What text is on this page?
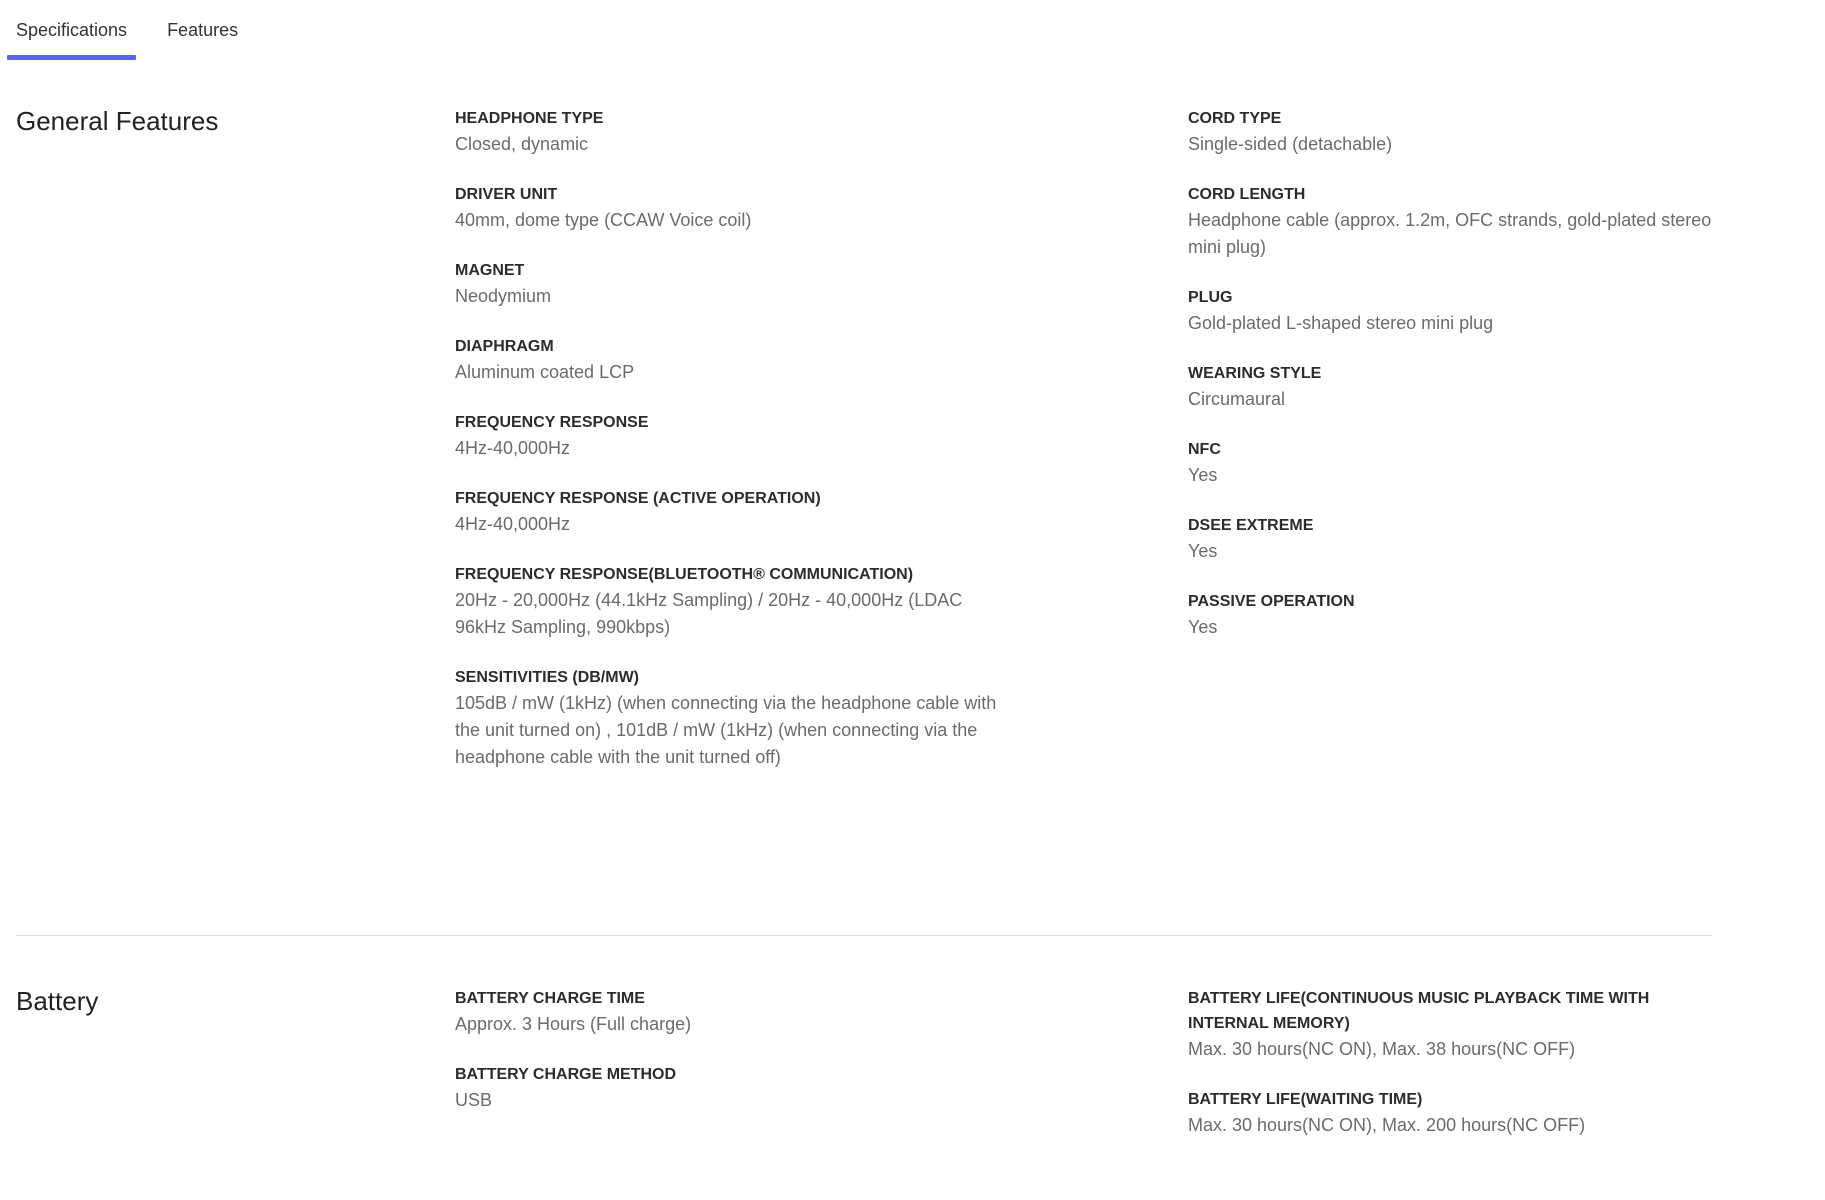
Specifications	Features
General Features	HEADPHONE TYPE
Closed, dynamic
DRIVER UNIT
40mm, dome type (CCAW Voice coil)
MAGNET
Neodymium
DIAPHRAGM
Aluminum coated LCP
FREQUENCY RESPONSE
4Hz-40,000Hz
FREQUENCY RESPONSE (ACTIVE OPERATION)
4Hz-40,000Hz
FREQUENCY RESPONSE(BLUETOOTH® COMMUNICATION)
20Hz - 20,000Hz (44.1kHz Sampling) / 20Hz - 40,000Hz (LDAC 96kHz Sampling, 990kbps)
SENSITIVITIES (DB/MW)
105dB / mW (1kHz) (when connecting via the headphone cable with the unit turned on) , 101dB / mW (1kHz) (when connecting via the headphone cable with the unit turned off)
CORD TYPE
Single-sided (detachable)
CORD LENGTH
Headphone cable (approx. 1.2m, OFC strands, gold-plated stereo mini plug)
PLUG
Gold-plated L-shaped stereo mini plug
WEARING STYLE
Circumaural
NFC
Yes
DSEE EXTREME
Yes
PASSIVE OPERATION
Yes
Battery	BATTERY CHARGE TIME
Approx. 3 Hours (Full charge)
BATTERY CHARGE METHOD
USB
BATTERY LIFE(CONTINUOUS MUSIC PLAYBACK TIME WITH INTERNAL MEMORY)
Max. 30 hours(NC ON), Max. 38 hours(NC OFF)
BATTERY LIFE(WAITING TIME)
Max. 30 hours(NC ON), Max. 200 hours(NC OFF)
